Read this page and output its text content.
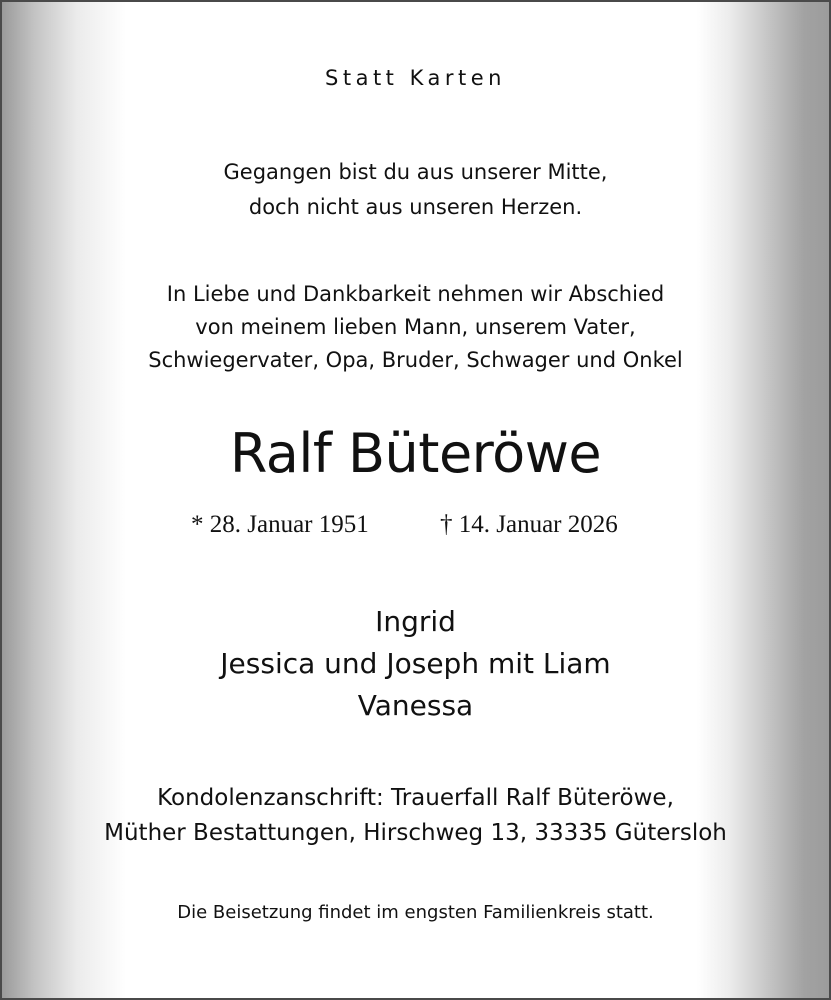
Statt Karten
Gegangen bist du aus unserer Mitte,
doch nicht aus unseren Herzen.
In Liebe und Dankbarkeit nehmen wir Abschied
von meinem lieben Mann, unserem Vater,
Schwiegervater, Opa, Bruder, Schwager und Onkel
Ralf Büteröwe
* 28. Januar 1951	† 14. Januar 2026
Ingrid
Jessica und Joseph mit Liam
Vanessa
Kondolenzanschrift: Trauerfall Ralf Büteröwe,
Müther Bestattungen, Hirschweg 13, 33335 Gütersloh
Die Beisetzung findet im engsten Familienkreis statt.
